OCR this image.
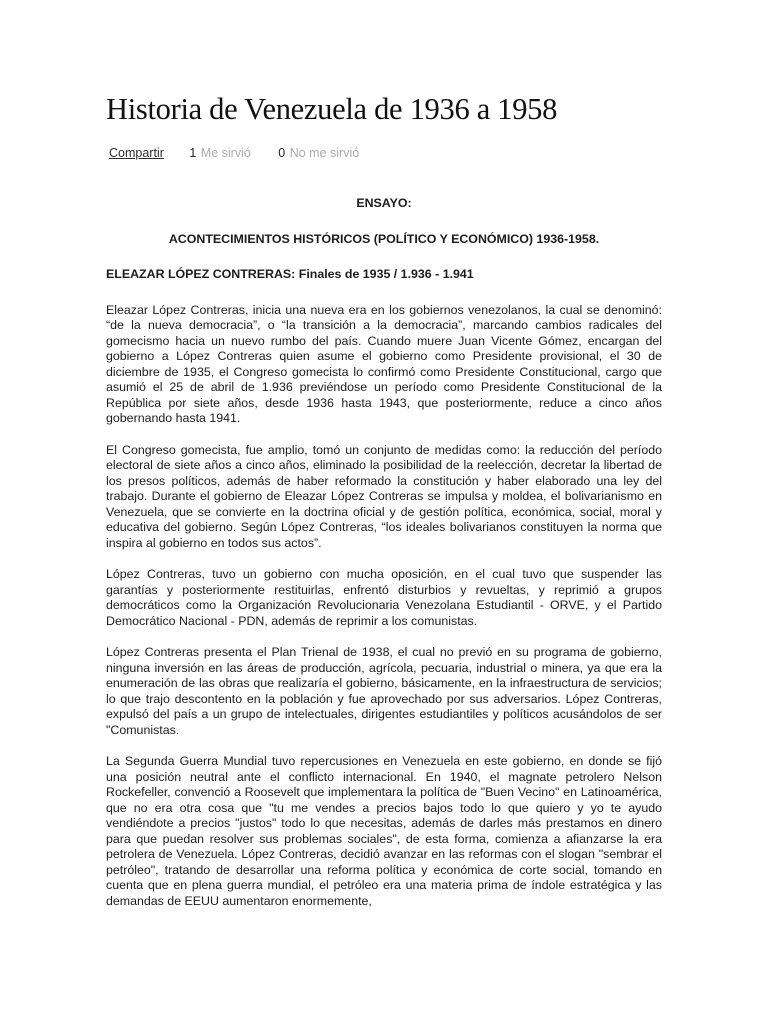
Historia de Venezuela de 1936 a 1958
Compartir 1 Me sirvió 0 No me sirvió

ENSAYO:

ACONTECIMIENTOS HISTÓRICOS (POLÍTICO Y ECONÓMICO) 1936-1958.

ELEAZAR LÓPEZ CONTRERAS: Finales de 1935 / 1.936 - 1.941

Eleazar López Contreras, inicia una nueva era en los gobiernos venezolanos, la cual se denominó: “de la nueva democracia”, o “la transición a la democracia”, marcando cambios radicales del gomecismo hacia un nuevo rumbo del país. Cuando muere Juan Vicente Gómez, encargan del gobierno a López Contreras quien asume el gobierno como Presidente provisional, el 30 de diciembre de 1935, el Congreso gomecista lo confirmó como Presidente Constitucional, cargo que asumió el 25 de abril de 1.936 previéndose un período como Presidente Constitucional de la República por siete años, desde 1936 hasta 1943, que posteriormente, reduce a cinco años gobernando hasta 1941.

El Congreso gomecista, fue amplio, tomó un conjunto de medidas como: la reducción del período electoral de siete años a cinco años, eliminado la posibilidad de la reelección, decretar la libertad de los presos políticos, además de haber reformado la constitución y haber elaborado una ley del trabajo. Durante el gobierno de Eleazar López Contreras se impulsa y moldea, el bolivarianismo en Venezuela, que se convierte en la doctrina oficial y de gestión política, económica, social, moral y educativa del gobierno. Según López Contreras, “los ideales bolivarianos constituyen la norma que inspira al gobierno en todos sus actos”.

López Contreras, tuvo un gobierno con mucha oposición, en el cual tuvo que suspender las garantías y posteriormente restituirlas, enfrentó disturbios y revueltas, y reprimió a grupos democráticos como la Organización Revolucionaria Venezolana Estudiantil - ORVE, y el Partido Democrático Nacional - PDN, además de reprimir a los comunistas.

López Contreras presenta el Plan Trienal de 1938, el cual no previó en su programa de gobierno, ninguna inversión en las áreas de producción, agrícola, pecuaria, industrial o minera, ya que era la enumeración de las obras que realizaría el gobierno, básicamente, en la infraestructura de servicios; lo que trajo descontento en la población y fue aprovechado por sus adversarios. López Contreras, expulsó del país a un grupo de intelectuales, dirigentes estudiantiles y políticos acusándolos de ser "Comunistas.

La Segunda Guerra Mundial tuvo repercusiones en Venezuela en este gobierno, en donde se fijó una posición neutral ante el conflicto internacional. En 1940, el magnate petrolero Nelson Rockefeller, convenció a Roosevelt que implementara la política de "Buen Vecino" en Latinoamérica, que no era otra cosa que "tu me vendes a precios bajos todo lo que quiero y yo te ayudo vendiéndote a precios "justos" todo lo que necesitas, además de darles más prestamos en dinero para que puedan resolver sus problemas sociales", de esta forma, comienza a afianzarse la era petrolera de Venezuela. López Contreras, decidió avanzar en las reformas con el slogan "sembrar el petróleo", tratando de desarrollar una reforma política y económica de corte social, tomando en cuenta que en plena guerra mundial, el petróleo era una materia prima de índole estratégica y las demandas de EEUU aumentaron enormemente,
